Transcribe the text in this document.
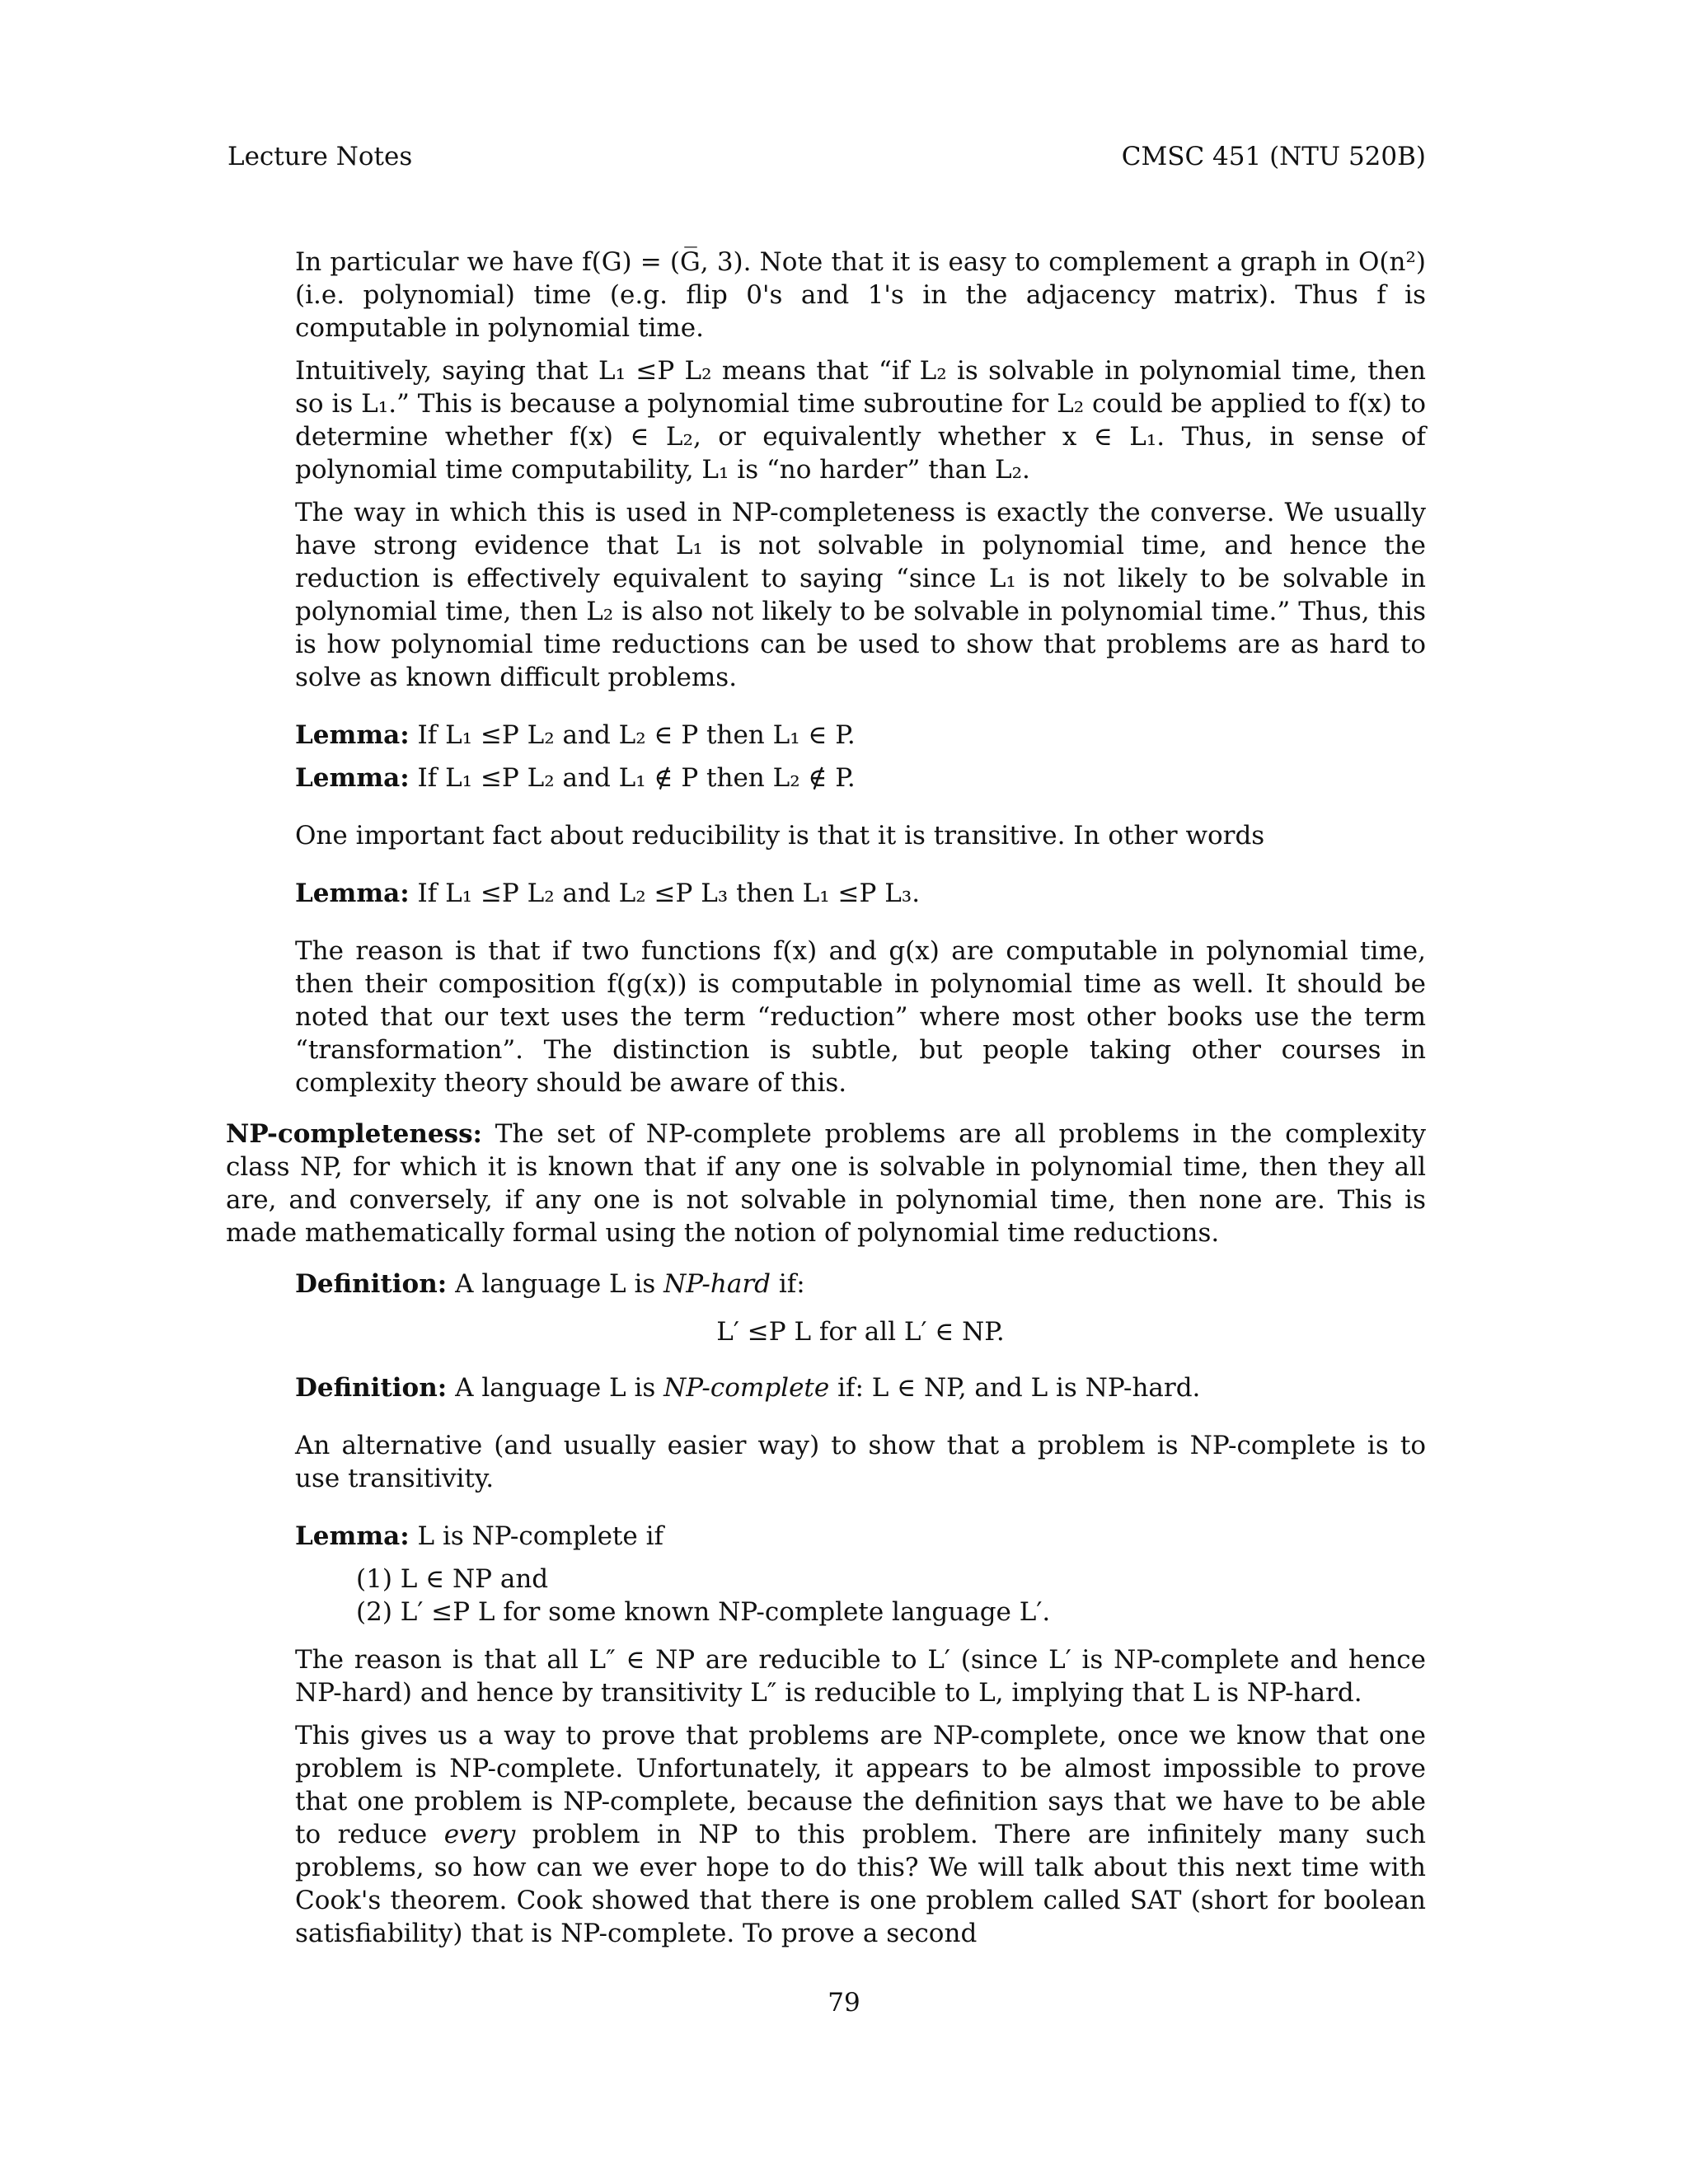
Lecture Notes	CMSC 451 (NTU 520B)

In particular we have f(G) = (G̅, 3). Note that it is easy to complement a graph in O(n²) (i.e. polynomial) time (e.g. flip 0's and 1's in the adjacency matrix). Thus f is computable in polynomial time.

Intuitively, saying that L₁ ≤P L₂ means that “if L₂ is solvable in polynomial time, then so is L₁.” This is because a polynomial time subroutine for L₂ could be applied to f(x) to determine whether f(x) ∈ L₂, or equivalently whether x ∈ L₁. Thus, in sense of polynomial time computability, L₁ is “no harder” than L₂.

The way in which this is used in NP-completeness is exactly the converse. We usually have strong evidence that L₁ is not solvable in polynomial time, and hence the reduction is effectively equivalent to saying “since L₁ is not likely to be solvable in polynomial time, then L₂ is also not likely to be solvable in polynomial time.” Thus, this is how polynomial time reductions can be used to show that problems are as hard to solve as known difficult problems.

Lemma: If L₁ ≤P L₂ and L₂ ∈ P then L₁ ∈ P.
Lemma: If L₁ ≤P L₂ and L₁ ∉ P then L₂ ∉ P.

One important fact about reducibility is that it is transitive. In other words

Lemma: If L₁ ≤P L₂ and L₂ ≤P L₃ then L₁ ≤P L₃.

The reason is that if two functions f(x) and g(x) are computable in polynomial time, then their composition f(g(x)) is computable in polynomial time as well. It should be noted that our text uses the term “reduction” where most other books use the term “transformation”. The distinction is subtle, but people taking other courses in complexity theory should be aware of this.

NP-completeness: The set of NP-complete problems are all problems in the complexity class NP, for which it is known that if any one is solvable in polynomial time, then they all are, and conversely, if any one is not solvable in polynomial time, then none are. This is made mathematically formal using the notion of polynomial time reductions.
Definition: A language L is NP-hard if:
L′ ≤P L for all L′ ∈ NP.
Definition: A language L is NP-complete if: L ∈ NP, and L is NP-hard.

An alternative (and usually easier way) to show that a problem is NP-complete is to use transitivity.

Lemma: L is NP-complete if
(1) L ∈ NP and
(2) L′ ≤P L for some known NP-complete language L′.

The reason is that all L″ ∈ NP are reducible to L′ (since L′ is NP-complete and hence NP-hard) and hence by transitivity L″ is reducible to L, implying that L is NP-hard.

This gives us a way to prove that problems are NP-complete, once we know that one problem is NP-complete. Unfortunately, it appears to be almost impossible to prove that one problem is NP-complete, because the definition says that we have to be able to reduce every problem in NP to this problem. There are infinitely many such problems, so how can we ever hope to do this? We will talk about this next time with Cook's theorem. Cook showed that there is one problem called SAT (short for boolean satisfiability) that is NP-complete. To prove a second

79
